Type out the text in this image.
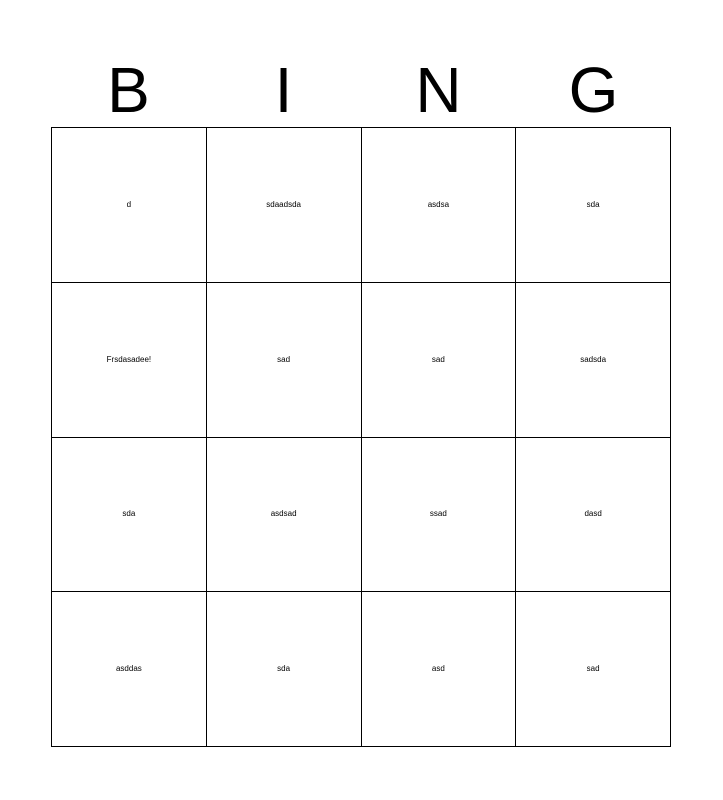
B	I	N	G
d	sdaadsda	asdsa	sda
Frsdasadee!	sad	sad	sadsda
sda	asdsad	ssad	dasd
asddas	sda	asd	sad
